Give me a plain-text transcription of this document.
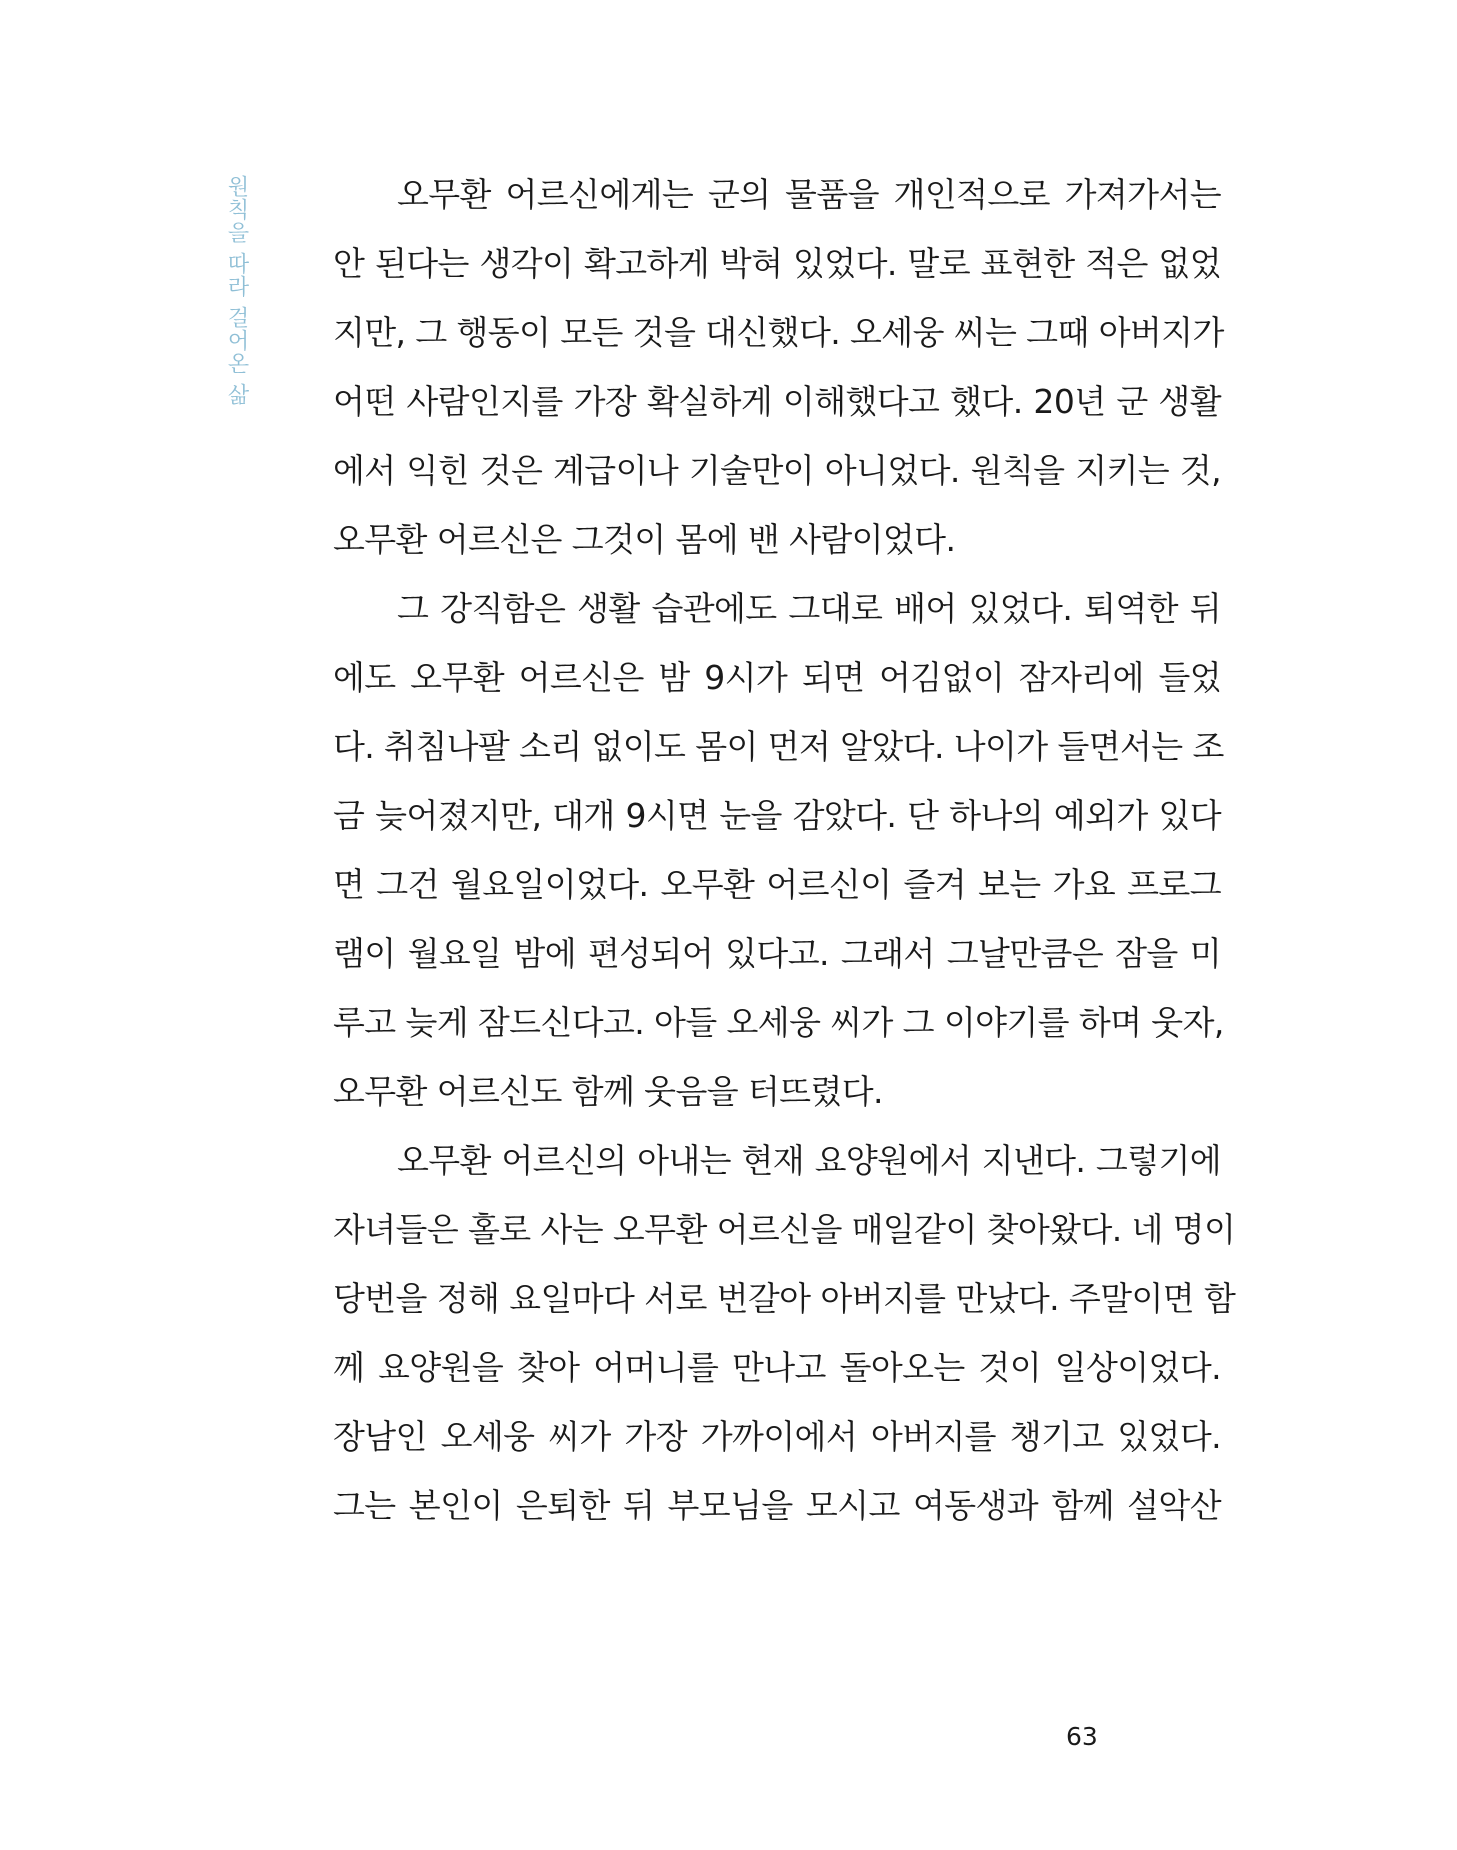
원칙을 따라 걸어온 삶	오무환 어르신에게는 군의 물품을 개인적으로 가져가서는
안 된다는 생각이 확고하게 박혀 있었다. 말로 표현한 적은 없었
지만, 그 행동이 모든 것을 대신했다. 오세웅 씨는 그때 아버지가
어떤 사람인지를 가장 확실하게 이해했다고 했다. 20년 군 생활
에서 익힌 것은 계급이나 기술만이 아니었다. 원칙을 지키는 것,
오무환 어르신은 그것이 몸에 밴 사람이었다.
그 강직함은 생활 습관에도 그대로 배어 있었다. 퇴역한 뒤
에도 오무환 어르신은 밤 9시가 되면 어김없이 잠자리에 들었
다. 취침나팔 소리 없이도 몸이 먼저 알았다. 나이가 들면서는 조
금 늦어졌지만, 대개 9시면 눈을 감았다. 단 하나의 예외가 있다
면 그건 월요일이었다. 오무환 어르신이 즐겨 보는 가요 프로그
램이 월요일 밤에 편성되어 있다고. 그래서 그날만큼은 잠을 미
루고 늦게 잠드신다고. 아들 오세웅 씨가 그 이야기를 하며 웃자,
오무환 어르신도 함께 웃음을 터뜨렸다.
오무환 어르신의 아내는 현재 요양원에서 지낸다. 그렇기에
자녀들은 홀로 사는 오무환 어르신을 매일같이 찾아왔다. 네 명이
당번을 정해 요일마다 서로 번갈아 아버지를 만났다. 주말이면 함
께 요양원을 찾아 어머니를 만나고 돌아오는 것이 일상이었다.
장남인 오세웅 씨가 가장 가까이에서 아버지를 챙기고 있었다.
그는 본인이 은퇴한 뒤 부모님을 모시고 여동생과 함께 설악산
63
